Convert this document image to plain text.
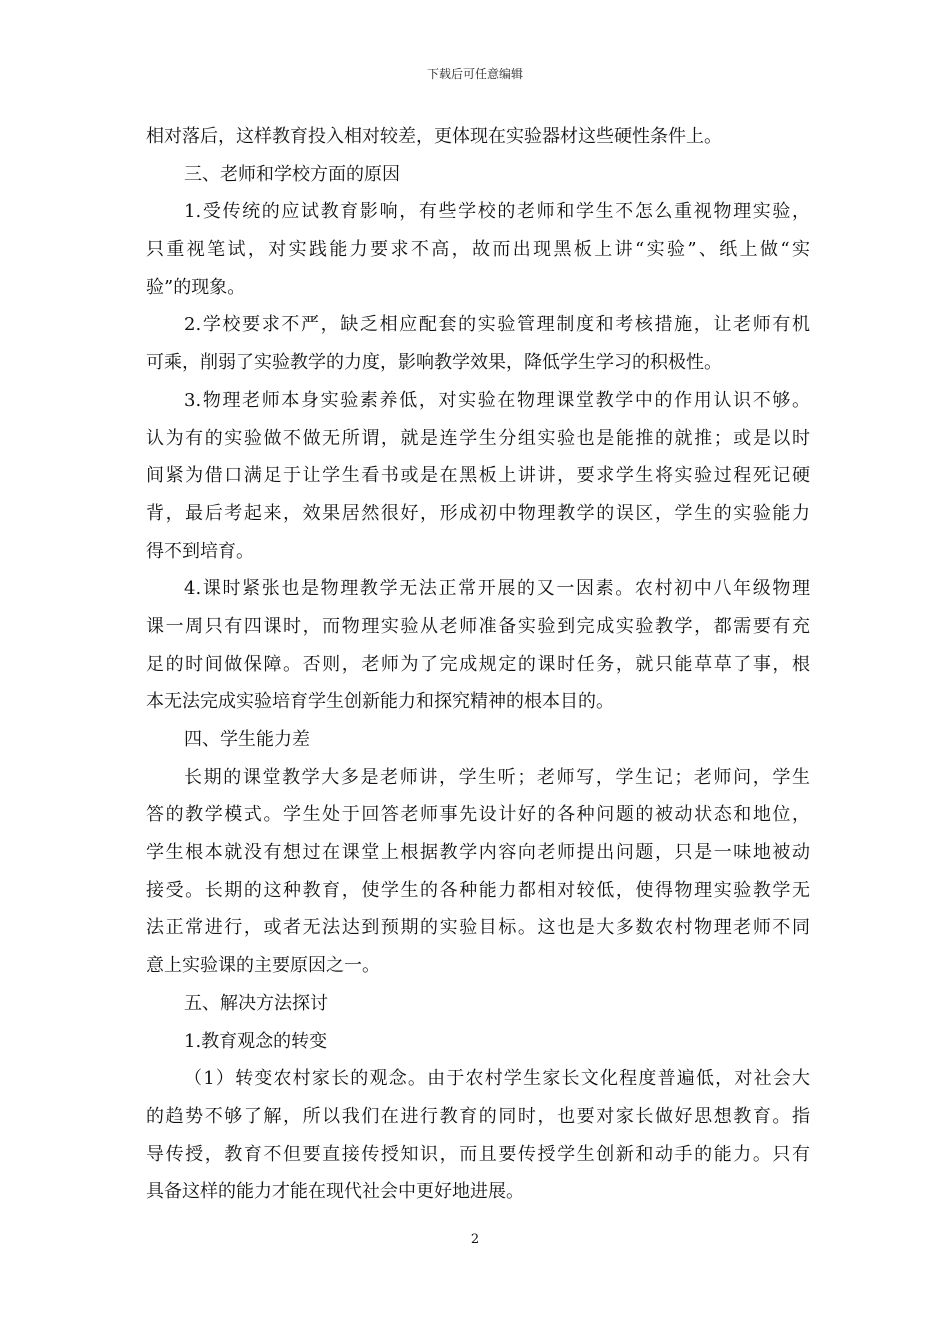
下载后可任意编辑
相对落后，这样教育投入相对较差，更体现在实验器材这些硬性条件上。
三、老师和学校方面的原因
1.受传统的应试教育影响，有些学校的老师和学生不怎么重视物理实验，
只重视笔试，对实践能力要求不高，故而出现黑板上讲“实验”、纸上做“实
验”的现象。
2.学校要求不严，缺乏相应配套的实验管理制度和考核措施，让老师有机
可乘，削弱了实验教学的力度，影响教学效果，降低学生学习的积极性。
3.物理老师本身实验素养低，对实验在物理课堂教学中的作用认识不够。
认为有的实验做不做无所谓，就是连学生分组实验也是能推的就推；或是以时
间紧为借口满足于让学生看书或是在黑板上讲讲，要求学生将实验过程死记硬
背，最后考起来，效果居然很好，形成初中物理教学的误区，学生的实验能力
得不到培育。
4.课时紧张也是物理教学无法正常开展的又一因素。农村初中八年级物理
课一周只有四课时，而物理实验从老师准备实验到完成实验教学，都需要有充
足的时间做保障。否则，老师为了完成规定的课时任务，就只能草草了事，根
本无法完成实验培育学生创新能力和探究精神的根本目的。
四、学生能力差
长期的课堂教学大多是老师讲，学生听；老师写，学生记；老师问，学生
答的教学模式。学生处于回答老师事先设计好的各种问题的被动状态和地位，
学生根本就没有想过在课堂上根据教学内容向老师提出问题，只是一味地被动
接受。长期的这种教育，使学生的各种能力都相对较低，使得物理实验教学无
法正常进行，或者无法达到预期的实验目标。这也是大多数农村物理老师不同
意上实验课的主要原因之一。
五、解决方法探讨
1.教育观念的转变
（1）转变农村家长的观念。由于农村学生家长文化程度普遍低，对社会大
的趋势不够了解，所以我们在进行教育的同时，也要对家长做好思想教育。指
导传授，教育不但要直接传授知识，而且要传授学生创新和动手的能力。只有
具备这样的能力才能在现代社会中更好地进展。
2
